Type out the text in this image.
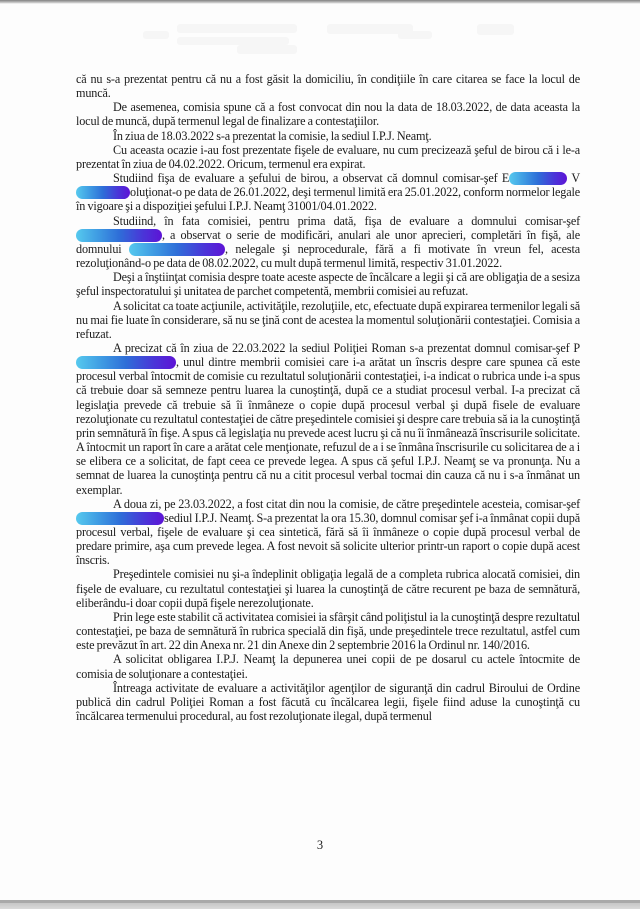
că nu s-a prezentat pentru că nu a fost găsit la domiciliu, în condiţiile în care citarea se face la locul de muncă.

De asemenea, comisia spune că a fost convocat din nou la data de 18.03.2022, de data aceasta la locul de muncă, după termenul legal de finalizare a contestaţiilor.

În ziua de 18.03.2022 s-a prezentat la comisie, la sediul I.P.J. Neamţ.

Cu aceasta ocazie i-au fost prezentate fişele de evaluare, nu cum precizează şeful de birou că i le-a prezentat în ziua de 04.02.2022. Oricum, termenul era expirat.

Studiind fişa de evaluare a şefului de birou, a observat că domnul comisar-şef E	Voluţionat-o pe data de 26.01.2022, deşi termenul limită era 25.01.2022, conform normelor legale în vigoare şi a dispoziţiei şefului I.P.J. Neamţ 31001/04.01.2022.

Studiind, în fata comisiei, pentru prima dată, fişa de evaluare a domnului comisar-şef , a observat o serie de modificări, anulari ale unor aprecieri, completări în fişă, ale domnului	, nelegale şi neprocedurale, fără a fi motivate în vreun fel, acesta rezoluţionând-o pe data de 08.02.2022, cu mult după termenul limită, respectiv 31.01.2022.

Deşi a înştiinţat comisia despre toate aceste aspecte de încălcare a legii şi că are obligaţia de a sesiza şeful inspectoratului şi unitatea de parchet competentă, membrii comisiei au refuzat.

A solicitat ca toate acţiunile, activităţile, rezoluţiile, etc, efectuate după expirarea termenilor legali să nu mai fie luate în considerare, să nu se ţină cont de acestea la momentul soluţionării contestaţiei. Comisia a refuzat.

A precizat că în ziua de 22.03.2022 la sediul Poliţiei Roman s-a prezentat domnul comisar-şef P, unul dintre membrii comisiei care i-a arătat un înscris despre care spunea că este procesul verbal întocmit de comisie cu rezultatul soluţionării contestaţiei, i-a indicat o rubrica unde i-a spus că trebuie doar să semneze pentru luarea la cunoştinţă, după ce a studiat procesul verbal. I-a precizat că legislaţia prevede că trebuie să îi înmâneze o copie după procesul verbal şi după fisele de evaluare rezoluţionate cu rezultatul contestaţiei de către preşedintele comisiei şi despre care trebuia să ia la cunoştinţă prin semnătură în fişe. A spus că legislaţia nu prevede acest lucru şi că nu îi înmânează înscrisurile solicitate. A întocmit un raport în care a arătat cele menţionate, refuzul de a i se înmâna înscrisurile cu solicitarea de a i se elibera ce a solicitat, de fapt ceea ce prevede legea. A spus că şeful I.P.J. Neamţ se va pronunţa. Nu a semnat de luarea la cunoştinţa pentru că nu a citit procesul verbal tocmai din cauza că nu i s-a înmânat un exemplar.

A doua zi, pe 23.03.2022, a fost citat din nou la comisie, de către preşedintele acesteia, comisar-şef sediul I.P.J. Neamţ. S-a prezentat la ora 15.30, domnul comisar şef i-a înmânat copii după procesul verbal, fişele de evaluare şi cea sintetică, fără să îi înmâneze o copie după procesul verbal de predare primire, aşa cum prevede legea. A fost nevoit să solicite ulterior printr-un raport o copie după acest înscris.

Preşedintele comisiei nu şi-a îndeplinit obligaţia legală de a completa rubrica alocată comisiei, din fişele de evaluare, cu rezultatul contestaţiei şi luarea la cunoştinţă de către recurent pe baza de semnătură, eliberându-i doar copii după fişele nerezoluţionate.

Prin lege este stabilit că activitatea comisiei ia sfârşit când poliţistul ia la cunoştinţă despre rezultatul contestaţiei, pe baza de semnătură în rubrica specială din fişă, unde preşedintele trece rezultatul, astfel cum este prevăzut în art. 22 din Anexa nr. 21 din Anexe din 2 septembrie 2016 la Ordinul nr. 140/2016.

A solicitat obligarea I.P.J. Neamţ la depunerea unei copii de pe dosarul cu actele întocmite de comisia de soluţionare a contestaţiei.

Întreaga activitate de evaluare a activităţilor agenţilor de siguranţă din cadrul Biroului de Ordine publică din cadrul Poliţiei Roman a fost făcută cu încălcarea legii, fişele fiind aduse la cunoştinţă cu încălcarea termenului procedural, au fost rezoluţionate ilegal, după termenul

3
